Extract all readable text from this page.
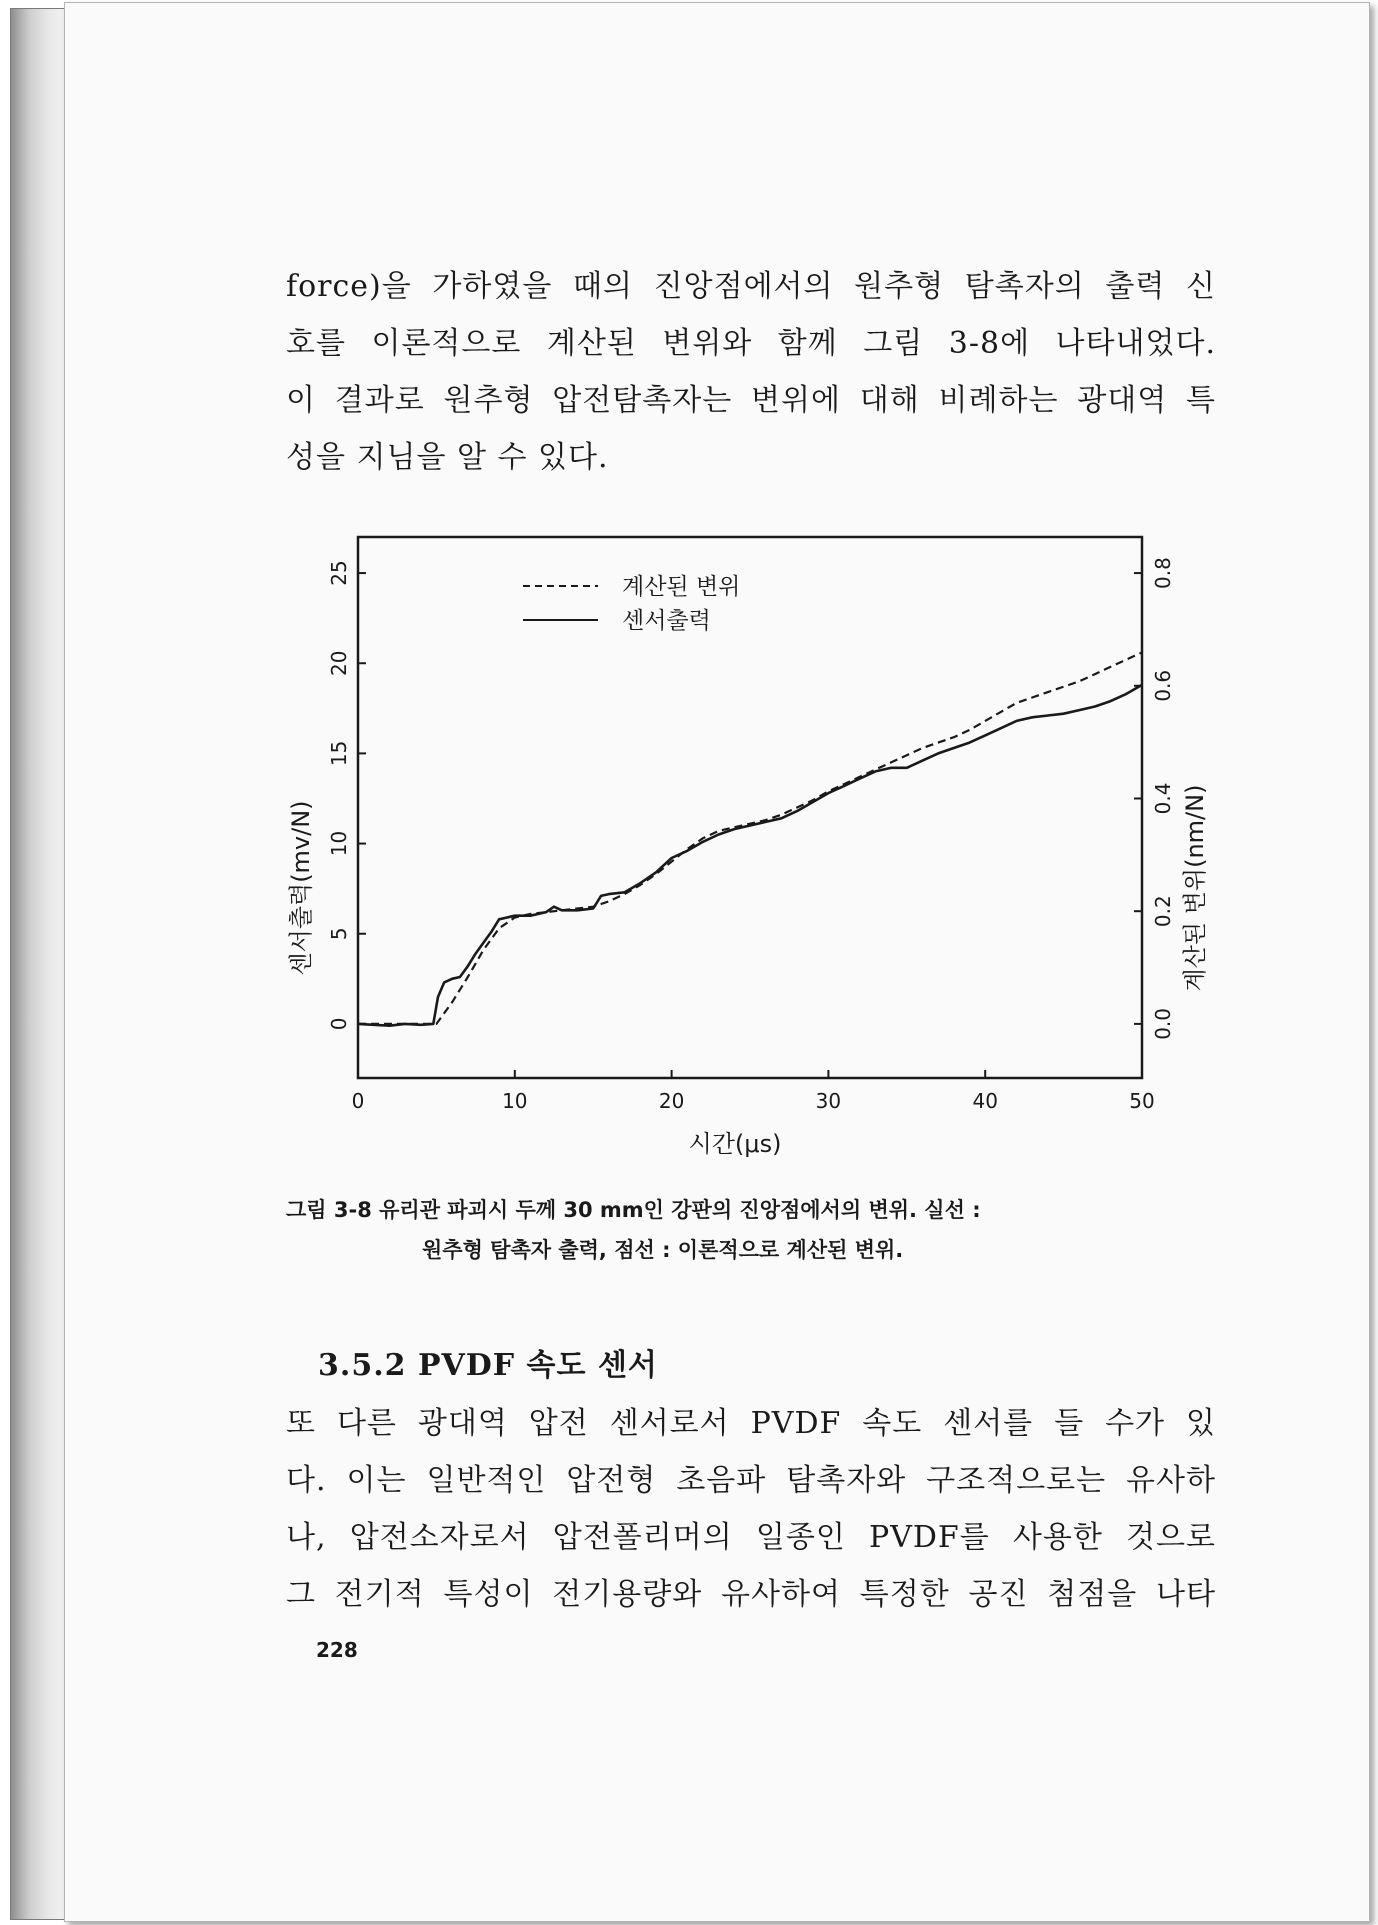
force)을 가하였을 때의 진앙점에서의 원추형 탐촉자의 출력 신
호를 이론적으로 계산된 변위와 함께 그림 3-8에 나타내었다.
이 결과로 원추형 압전탐촉자는 변위에 대해 비례하는 광대역 특
성을 지님을 알 수 있다.
0	10	20	30	40	50
0
5
10
15
20
25
0.0
0.2
0.4
0.6
0.8
계산된 변위
센서출력
시간(μs)
센서출력(mv/N)	계산된 변위(nm/N)
그림 3-8 유리관 파괴시 두께 30 mm인 강판의 진앙점에서의 변위. 실선 :
원추형 탐촉자 출력, 점선 : 이론적으로 계산된 변위.
3.5.2 PVDF 속도 센서
또 다른 광대역 압전 센서로서 PVDF 속도 센서를 들 수가 있
다. 이는 일반적인 압전형 초음파 탐촉자와 구조적으로는 유사하
나, 압전소자로서 압전폴리머의 일종인 PVDF를 사용한 것으로
그 전기적 특성이 전기용량와 유사하여 특정한 공진 첨점을 나타
228
